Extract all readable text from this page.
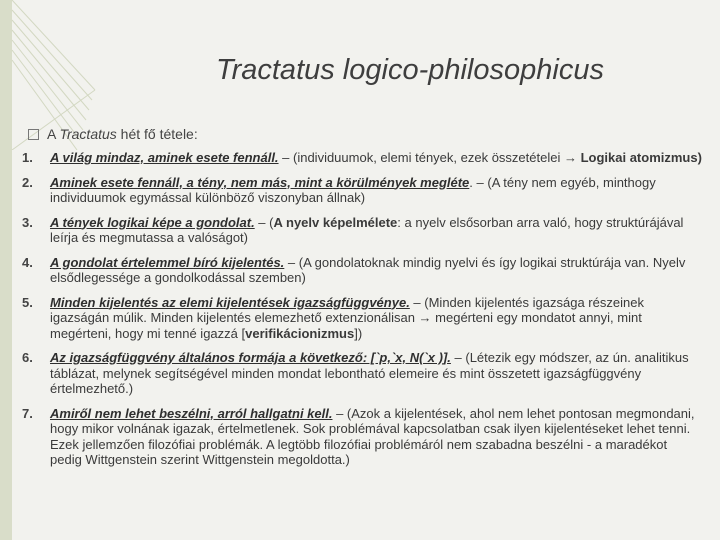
Tractatus logico-philosophicus
A Tractatus hét fő tétele:
1.	A világ mindaz, aminek esete fennáll. – (individuumok, elemi tények, ezek összetételei → Logikai atomizmus)
2.	Aminek esete fennáll, a tény, nem más, mint a körülmények megléte. – (A tény nem egyéb, minthogy individuumok egymással különböző viszonyban állnak)
3.	A tények logikai képe a gondolat. – (A nyelv képelmélete: a nyelv elsősorban arra való, hogy struktúrájával leírja és megmutassa a valóságot)
4.	A gondolat értelemmel bíró kijelentés. – (A gondolatoknak mindig nyelvi és így logikai struktúrája van. Nyelv elsődlegessége a gondolkodással szemben)
5.	Minden kijelentés az elemi kijelentések igazságfüggvénye. – (Minden kijelentés igazsága részeinek igazságán múlik. Minden kijelentés elemezhető extenzionálisan → megérteni egy mondatot annyi, mint megérteni, hogy mi tenné igazzá [verifikácionizmus])
6.	Az igazságfüggvény általános formája a következő: [`p,`x, N(`x )]. – (Létezik egy módszer, az ún. analitikus táblázat, melynek segítségével minden mondat lebontható elemeire és mint összetett igazságfüggvény értelmezhető.)
7.	Amiről nem lehet beszélni, arról hallgatni kell. – (Azok a kijelentések, ahol nem lehet pontosan megmondani, hogy mikor volnának igazak, értelmetlenek. Sok problémával kapcsolatban csak ilyen kijelentéseket lehet tenni. Ezek jellemzően filozófiai problémák. A legtöbb filozófiai problémáról nem szabadna beszélni - a maradékot pedig Wittgenstein szerint Wittgenstein megoldotta.)
